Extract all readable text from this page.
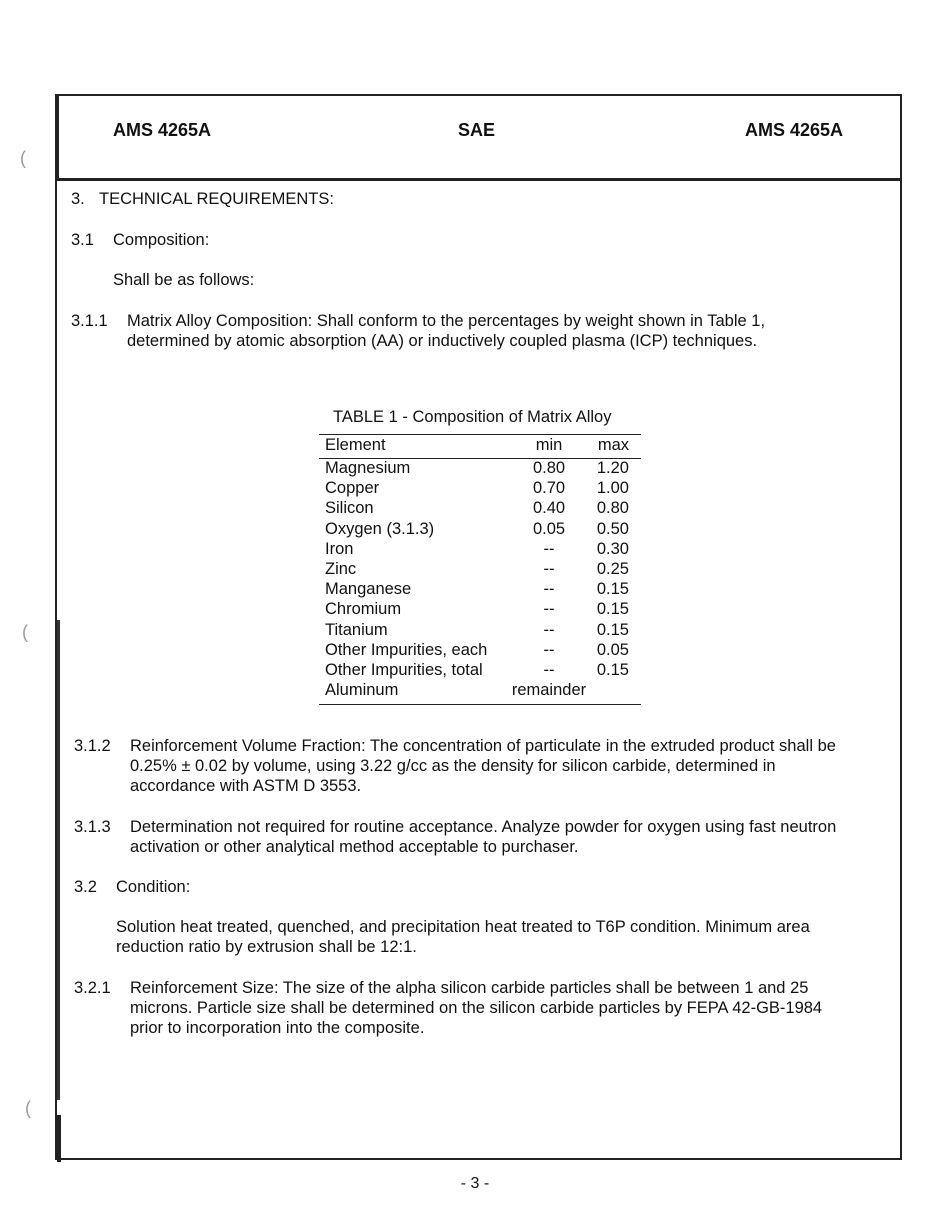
(
(
(
AMS 4265A	SAE	AMS 4265A
3. TECHNICAL REQUIREMENTS:
3.1 Composition:
Shall be as follows:
3.1.1 Matrix Alloy Composition: Shall conform to the percentages by weight shown in Table 1,
determined by atomic absorption (AA) or inductively coupled plasma (ICP) techniques.
TABLE 1 - Composition of Matrix Alloy
Element	min	max
Magnesium	0.80	1.20
Copper	0.70	1.00
Silicon	0.40	0.80
Oxygen (3.1.3)	0.05	0.50
Iron	--	0.30
Zinc	--	0.25
Manganese	--	0.15
Chromium	--	0.15
Titanium	--	0.15
Other Impurities, each	--	0.05
Other Impurities, total	--	0.15
Aluminum	remainder
3.1.2 Reinforcement Volume Fraction: The concentration of particulate in the extruded product shall be
0.25% ± 0.02 by volume, using 3.22 g/cc as the density for silicon carbide, determined in
accordance with ASTM D 3553.
3.1.3 Determination not required for routine acceptance. Analyze powder for oxygen using fast neutron
activation or other analytical method acceptable to purchaser.
3.2 Condition:
Solution heat treated, quenched, and precipitation heat treated to T6P condition. Minimum area
reduction ratio by extrusion shall be 12:1.
3.2.1 Reinforcement Size: The size of the alpha silicon carbide particles shall be between 1 and 25
microns. Particle size shall be determined on the silicon carbide particles by FEPA 42-GB-1984
prior to incorporation into the composite.
- 3 -
